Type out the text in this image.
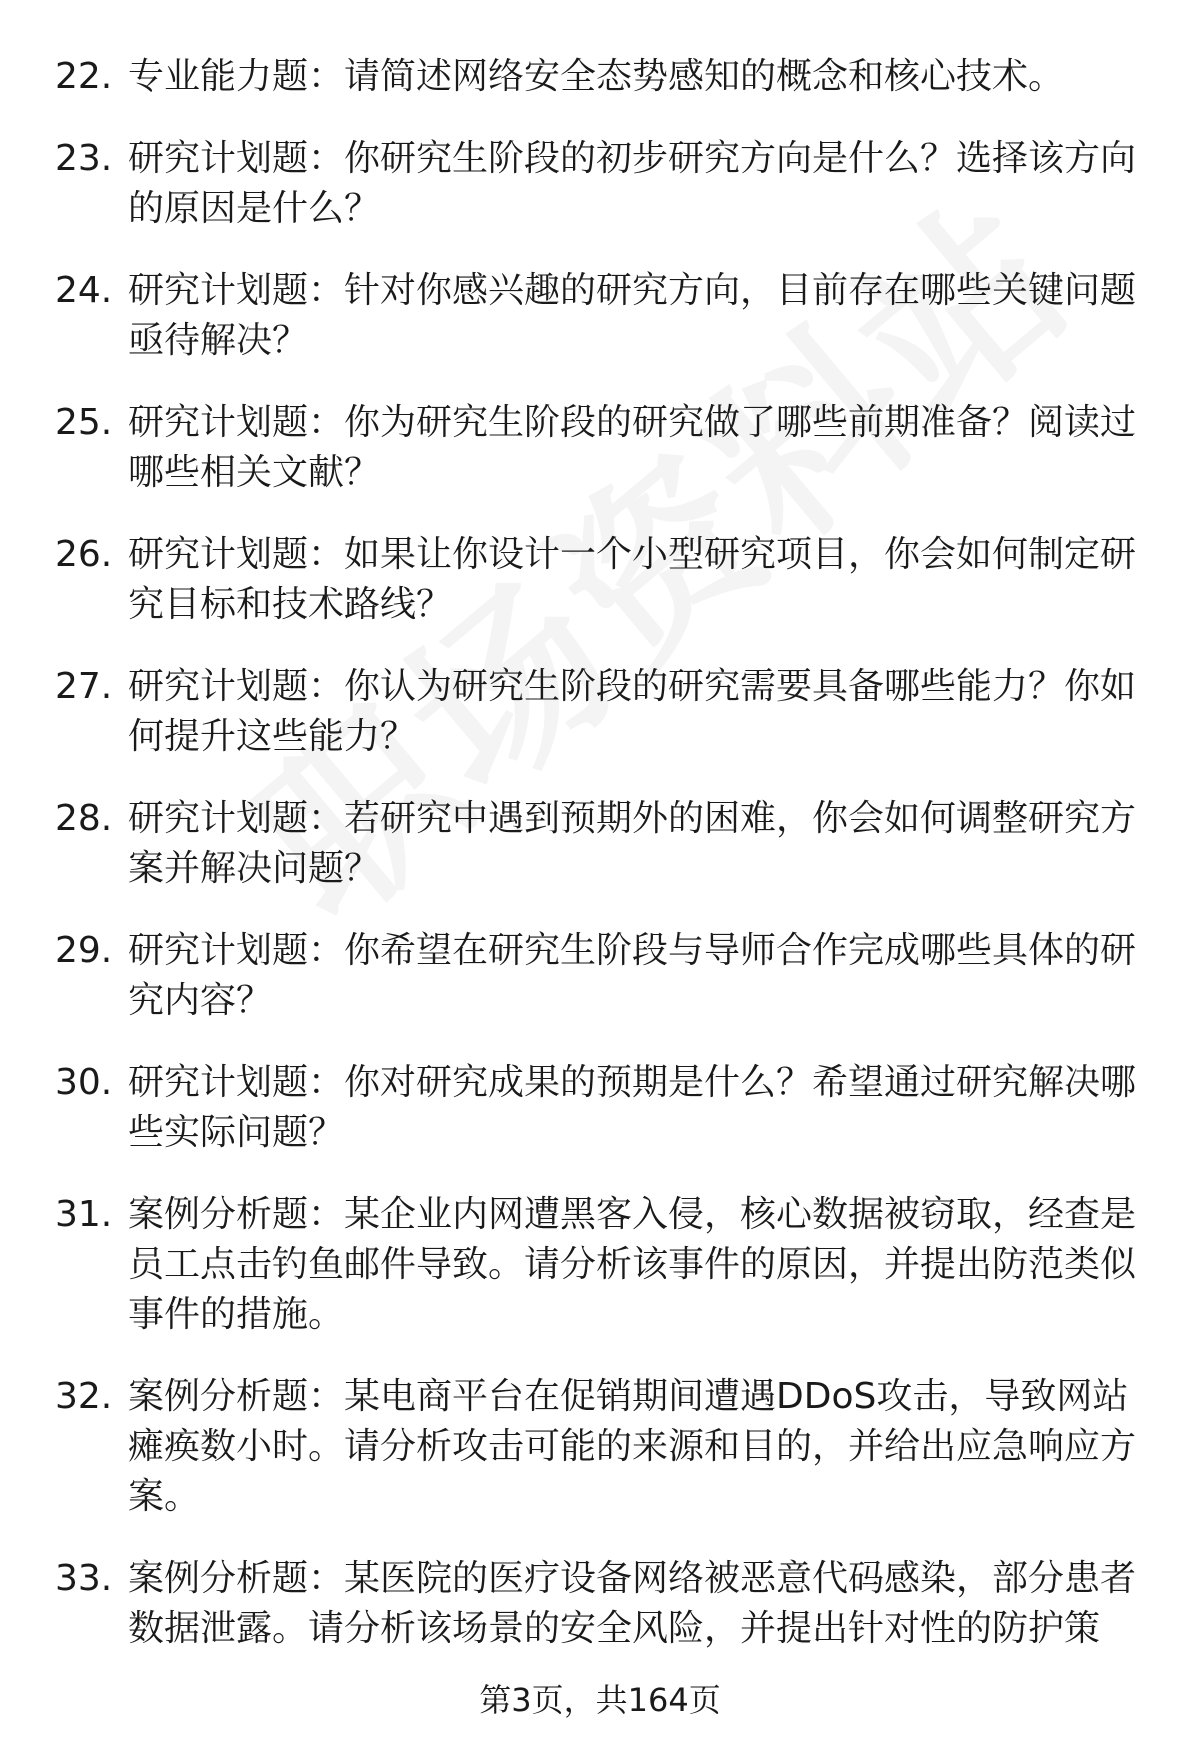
22. 专业能力题：请简述网络安全态势感知的概念和核心技术。
23. 研究计划题：你研究生阶段的初步研究方向是什么？选择该方向的原因是什么？
24. 研究计划题：针对你感兴趣的研究方向，目前存在哪些关键问题亟待解决？
25. 研究计划题：你为研究生阶段的研究做了哪些前期准备？阅读过哪些相关文献？
26. 研究计划题：如果让你设计一个小型研究项目，你会如何制定研究目标和技术路线？
27. 研究计划题：你认为研究生阶段的研究需要具备哪些能力？你如何提升这些能力？
28. 研究计划题：若研究中遇到预期外的困难，你会如何调整研究方案并解决问题？
29. 研究计划题：你希望在研究生阶段与导师合作完成哪些具体的研究内容？
30. 研究计划题：你对研究成果的预期是什么？希望通过研究解决哪些实际问题？
31. 案例分析题：某企业内网遭黑客入侵，核心数据被窃取，经查是员工点击钓鱼邮件导致。请分析该事件的原因，并提出防范类似事件的措施。
32. 案例分析题：某电商平台在促销期间遭遇DDoS攻击，导致网站瘫痪数小时。请分析攻击可能的来源和目的，并给出应急响应方案。
33. 案例分析题：某医院的医疗设备网络被恶意代码感染，部分患者数据泄露。请分析该场景的安全风险，并提出针对性的防护策
第3页，共164页
